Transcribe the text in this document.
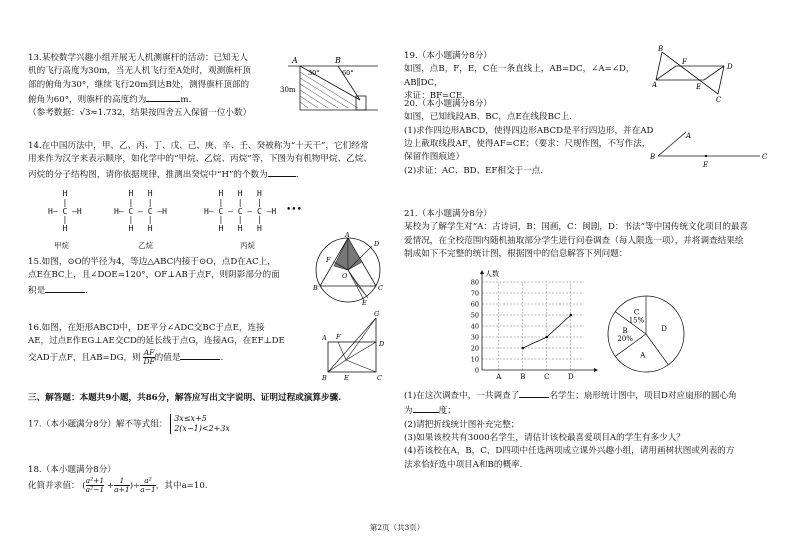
13.某校数学兴趣小组开展无人机测旗杆的活动：已知无人

机的飞行高度为30m，当无人机飞行至A处时，观测旗杆顶

部的俯角为30°，继续飞行20m到达B处，测得旗杆顶部的

俯角为60°，则旗杆的高度约为	m.

（参考数据：√3≈1.732，结果按四舍五入保留一位小数）

A	B
30°	60°
30m

14.在中国历法中，甲、乙、丙、丁、戊、己、庚、辛、壬、癸被称为“十天干”，它们经常

用来作为汉字来表示顺序，如化学中的“甲烷、乙烷、丙烷”等，下图为有机物甲烷、乙烷、

丙烷的分子结构图，请你依据规律，推测出癸烷中“H”的个数为	.

H
|
H— C —H
|
H
H   H
|   |
H— C — C —H
|   |
H   H
H   H   H
|   |   |
H— C — C — C —H
|   |   |
H   H   H
•••
甲烷	乙烷	丙烷

15.如图，⊙O的半径为4，等边△ABC内接于⊙O，点D在AC上，

点E在BC上，且∠DOE=120°，OF⊥AB于点F，则阴影部分的面

积是	.

A
B	C
D
E
F
O

16.如图，在矩形ABCD中，DE平分∠ADC交BC于点E，连接

AE，过点E作EG⊥AE交CD的延长线于点G，连接AG，在EF⊥DE

交AD于点F，且AB=DG，则 $\frac{AF}{DF}$ 的值是	.

A
B	C
D
E
F
G
三、解答题：本题共9小题，共86分，解答应写出文字说明、证明过程或演算步骤.
17.（本小题满分8分）解不等式组：
3x≤x+5
2(x−1)<2+3x

18.（本小题满分8分）

化简并求值： ( $\frac{\text{a²+1}}{\text{a²−1}} + \frac{1}{a+1}$ )÷ $\frac{\text{a²}}{a-1}$ ，其中a=10.

19.（本小题满分8分）

如图，点B，F，E，C在一条直线上，AB=DC，∠A=∠D，AB∥DC，

求证：BF=CE.

B
A
C
D
E
F

20.（本小题满分8分）

如图，已知线段AB、BC，点E在线段BC上.

(1)求作四边形ABCD，使得四边形ABCD是平行四边形，并在AD

边上截取线段AF，使得AF=CE；（要求：尺规作图，不写作法，

保留作图痕迹）

(2)求证：AC、BD、EF相交于一点.

A
B	C
E

21.（本小题满分8分）

某校为了解学生对“A：古诗词，B：国画，C：闽剧，D：书法”等中国传统文化项目的最喜

爱情况，在全校范围内随机抽取部分学生进行问卷调查（每人限选一项），并将调查结果绘

制成如下不完整的统计图，根据图中的信息解答下列问题：

0
10
20
30
40
50
60
70
80
A	B	C	D
人数
A
B
20%
C
15%
D

(1)在这次调查中，一共调查了	名学生；扇形统计图中，项目D对应扇形的圆心角

为	度；

(2)请把折线统计图补充完整；

(3)如果该校共有3000名学生，请估计该校最喜爱项目A的学生有多少人？

(4)若该校在A，B，C，D四项中任选两项成立课外兴趣小组，请用画树状图或列表的方

法求恰好选中项目A和B的概率.

第2页（共3页）
